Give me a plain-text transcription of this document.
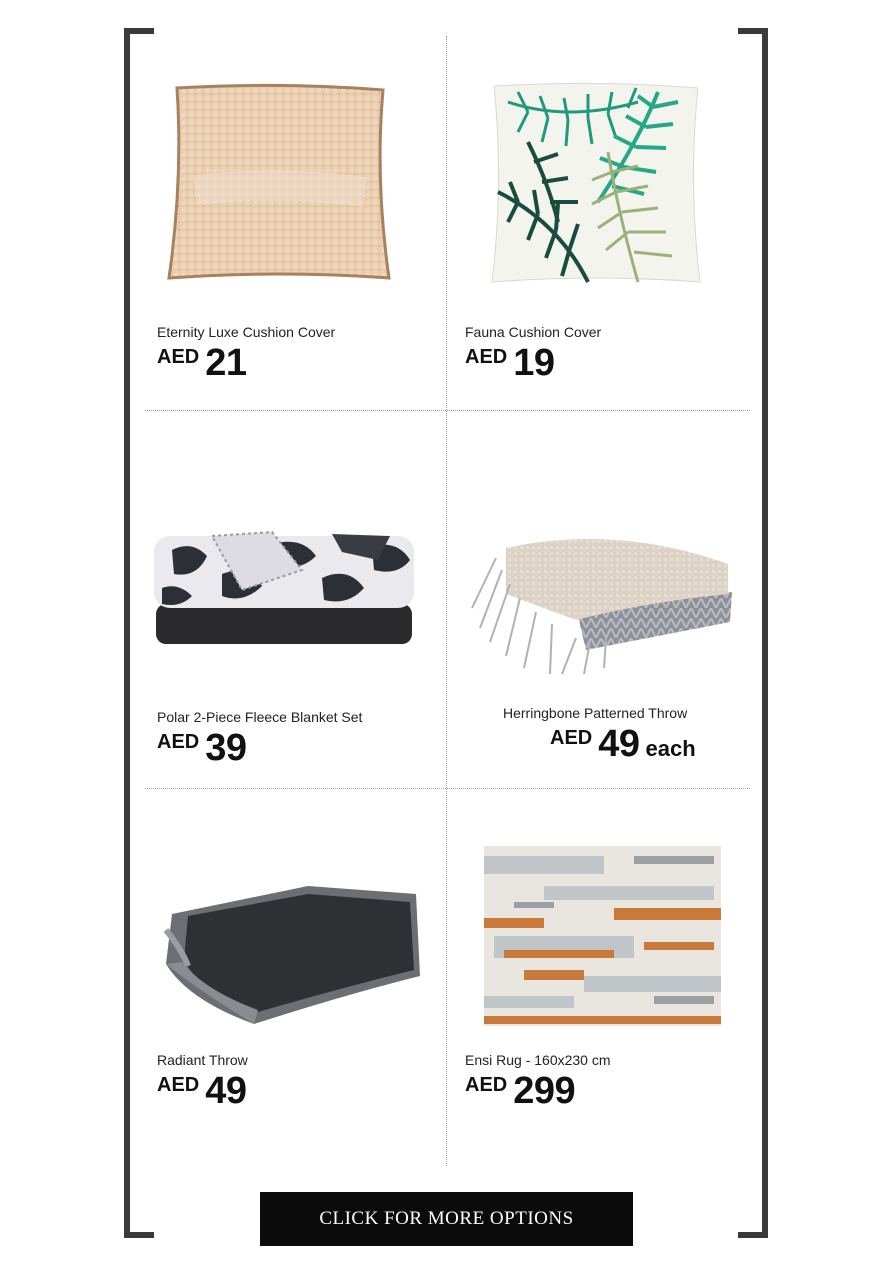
Eternity Luxe Cushion Cover
AED 21
Fauna Cushion Cover
AED 19
Polar 2-Piece Fleece Blanket Set
AED 39
Herringbone Patterned Throw
AED 49 each
Radiant Throw
AED 49
Ensi Rug - 160x230 cm
AED 299
CLICK FOR MORE OPTIONS
